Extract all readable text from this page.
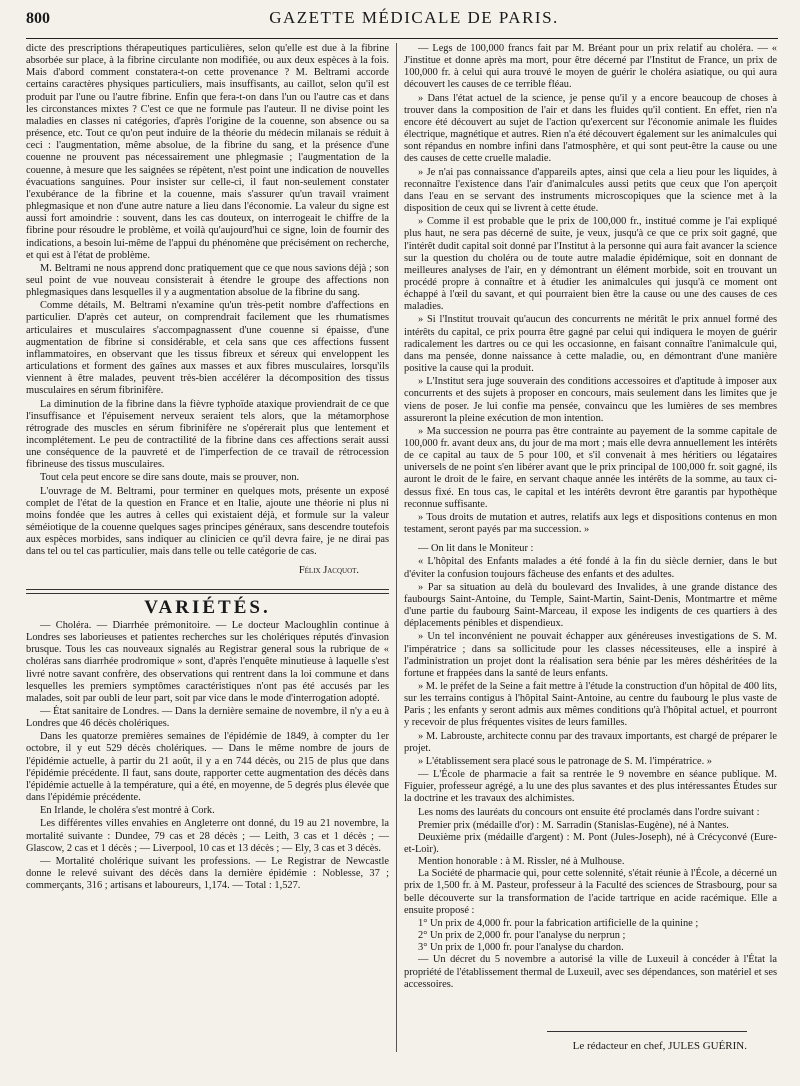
800	GAZETTE MÉDICALE DE PARIS.

dicte des prescriptions thérapeutiques particulières, selon qu'elle est due à la fibrine absorbée sur place, à la fibrine circulante non modifiée, ou aux deux espèces à la fois. Mais d'abord comment constatera-t-on cette provenance ? M. Beltrami accorde certains caractères physiques particuliers, mais insuffisants, au caillot, selon qu'il est produit par l'une ou l'autre fibrine. Enfin que fera-t-on dans l'un ou l'autre cas et dans les circonstances mixtes ? C'est ce que ne formule pas l'auteur. Il ne divise point les maladies en classes ni catégories, d'après l'origine de la couenne, son absence ou sa présence, etc. Tout ce qu'on peut induire de la théorie du médecin milanais se réduit à ceci : l'augmentation, même absolue, de la fibrine du sang, et la présence d'une couenne ne prouvent pas nécessairement une phlegmasie ; l'augmentation de la couenne, à mesure que les saignées se répètent, n'est point une indication de nouvelles évacuations sanguines. Pour insister sur celle-ci, il faut non-seulement constater l'exubérance de la fibrine et la couenne, mais s'assurer qu'un travail vraiment phlegmasique et non d'une autre nature a lieu dans l'économie. La valeur du signe est aussi fort amoindrie : souvent, dans les cas douteux, on interrogeait le chiffre de la fibrine pour résoudre le problème, et voilà qu'aujourd'hui ce signe, loin de fournir des indications, a besoin lui-même de l'appui du phénomène que précisément on recherche, et qui est à l'état de problème.

M. Beltrami ne nous apprend donc pratiquement que ce que nous savions déjà ; son seul point de vue nouveau consisterait à étendre le groupe des affections non phlegmasiques dans lesquelles il y a augmentation absolue de la fibrine du sang.

Comme détails, M. Beltrami n'examine qu'un très-petit nombre d'affections en particulier. D'après cet auteur, on comprendrait facilement que les rhumatismes articulaires et musculaires s'accompagnassent d'une couenne si épaisse, d'une augmentation de fibrine si considérable, et cela sans que ces affections fussent inflammatoires, en observant que les tissus fibreux et séreux qui enveloppent les articulations et forment des gaînes aux masses et aux fibres musculaires, lorsqu'ils viennent à être malades, peuvent très-bien accélérer la décomposition des tissus musculaires en sérum fibrinifère.

La diminution de la fibrine dans la fièvre typhoïde ataxique proviendrait de ce que l'insuffisance et l'épuisement nerveux seraient tels alors, que la métamorphose rétrograde des muscles en sérum fibrinifère ne s'opérerait plus que lentement et incomplétement. Le peu de contractilité de la fibrine dans ces affections serait aussi une conséquence de la pauvreté et de l'imperfection de ce travail de rétrocession fibrineuse des tissus musculaires.

Tout cela peut encore se dire sans doute, mais se prouver, non.

L'ouvrage de M. Beltrami, pour terminer en quelques mots, présente un exposé complet de l'état de la question en France et en Italie, ajoute une théorie ni plus ni moins fondée que les autres à celles qui existaient déjà, et formule sur la valeur séméiotique de la couenne quelques sages principes généraux, sans descendre toutefois aux espèces morbides, sans indiquer au clinicien ce qu'il devra faire, je ne dirai pas dans tel ou tel cas particulier, mais dans telle ou telle catégorie de cas.

Félix Jacquot.
VARIÉTÉS.

— Choléra. — Diarrhée prémonitoire. — Le docteur Macloughlin continue à Londres ses laborieuses et patientes recherches sur les cholériques réputés d'invasion brusque. Tous les cas nouveaux signalés au Registrar general sous la rubrique de « choléras sans diarrhée prodromique » sont, d'après l'enquête minutieuse à laquelle s'est livré notre savant confrère, des observations qui rentrent dans la loi commune et dans lesquelles les premiers symptômes caractéristiques n'ont pas été accusés par les malades, soit par oubli de leur part, soit par vice dans le mode d'interrogation adopté.

— État sanitaire de Londres. — Dans la dernière semaine de novembre, il n'y a eu à Londres que 46 décès cholériques.

Dans les quatorze premières semaines de l'épidémie de 1849, à compter du 1er octobre, il y eut 529 décès cholériques. — Dans le même nombre de jours de l'épidémie actuelle, à partir du 21 août, il y a en 744 décès, ou 215 de plus que dans l'épidémie précédente. Il faut, sans doute, rapporter cette augmentation des décès dans l'épidémie actuelle à la température, qui a été, en moyenne, de 5 degrés plus élevée que dans l'épidémie précédente.

En Irlande, le choléra s'est montré à Cork.

Les différentes villes envahies en Angleterre ont donné, du 19 au 21 novembre, la mortalité suivante : Dundee, 79 cas et 28 décès ; — Leith, 3 cas et 1 décès ; — Glascow, 2 cas et 1 décès ; — Liverpool, 10 cas et 13 décès ; — Ely, 3 cas et 3 décès.

— Mortalité cholérique suivant les professions. — Le Registrar de Newcastle donne le relevé suivant des décès dans la dernière épidémie : Noblesse, 37 ; commerçants, 316 ; artisans et laboureurs, 1,174. — Total : 1,527.

— Legs de 100,000 francs fait par M. Bréant pour un prix relatif au choléra. — « J'institue et donne après ma mort, pour être décerné par l'Institut de France, un prix de 100,000 fr. à celui qui aura trouvé le moyen de guérir le choléra asiatique, ou qui aura découvert les causes de ce terrible fléau.

» Dans l'état actuel de la science, je pense qu'il y a encore beaucoup de choses à trouver dans la composition de l'air et dans les fluides qu'il contient. En effet, rien n'a encore été découvert au sujet de l'action qu'exercent sur l'économie animale les fluides électrique, magnétique et autres. Rien n'a été découvert également sur les animalcules qui sont répandus en nombre infini dans l'atmosphère, et qui sont peut-être la cause ou une des causes de cette cruelle maladie.

» Je n'ai pas connaissance d'appareils aptes, ainsi que cela a lieu pour les liquides, à reconnaître l'existence dans l'air d'animalcules aussi petits que ceux que l'on aperçoit dans l'eau en se servant des instruments microscopiques que la science met à la disposition de ceux qui se livrent à cette étude.

» Comme il est probable que le prix de 100,000 fr., institué comme je l'ai expliqué plus haut, ne sera pas décerné de suite, je veux, jusqu'à ce que ce prix soit gagné, que l'intérêt dudit capital soit donné par l'Institut à la personne qui aura fait avancer la science sur la question du choléra ou de toute autre maladie épidémique, soit en donnant de meilleures analyses de l'air, en y démontrant un élément morbide, soit en trouvant un procédé propre à connaître et à étudier les animalcules qui jusqu'à ce moment ont échappé à l'œil du savant, et qui pourraient bien être la cause ou une des causes de ces maladies.

» Si l'Institut trouvait qu'aucun des concurrents ne méritât le prix annuel formé des intérêts du capital, ce prix pourra être gagné par celui qui indiquera le moyen de guérir radicalement les dartres ou ce qui les occasionne, en faisant connaître l'animalcule qui, dans ma pensée, donne naissance à cette maladie, ou, en démontrant d'une manière positive la cause qui la produit.

» L'Institut sera juge souverain des conditions accessoires et d'aptitude à imposer aux concurrents et des sujets à proposer en concours, mais seulement dans les limites que je viens de poser. Je lui confie ma pensée, convaincu que les lumières de ses membres assureront la pleine exécution de mon intention.

» Ma succession ne pourra pas être contrainte au payement de la somme capitale de 100,000 fr. avant deux ans, du jour de ma mort ; mais elle devra annuellement les intérêts de ce capital au taux de 5 pour 100, et s'il convenait à mes héritiers ou légataires universels de ne point s'en libérer avant que le prix principal de 100,000 fr. soit gagné, ils auront le droit de le faire, en servant chaque année les intérêts de la somme, au taux ci-dessus fixé. En tous cas, le capital et les intérêts devront être garantis par hypothèque reconnue suffisante.

» Tous droits de mutation et autres, relatifs aux legs et dispositions contenus en mon testament, seront payés par ma succession. »

— On lit dans le Moniteur :

« L'hôpital des Enfants malades a été fondé à la fin du siècle dernier, dans le but d'éviter la confusion toujours fâcheuse des enfants et des adultes.

» Par sa situation au delà du boulevard des Invalides, à une grande distance des faubourgs Saint-Antoine, du Temple, Saint-Martin, Saint-Denis, Montmartre et même d'une partie du faubourg Saint-Marceau, il expose les indigents de ces quartiers à des déplacements pénibles et dispendieux.

» Un tel inconvénient ne pouvait échapper aux généreuses investigations de S. M. l'impératrice ; dans sa sollicitude pour les classes nécessiteuses, elle a inspiré à l'administration un projet dont la réalisation sera bénie par les mères déshéritées de la fortune et frappées dans la santé de leurs enfants.

» M. le préfet de la Seine a fait mettre à l'étude la construction d'un hôpital de 400 lits, sur les terrains contigus à l'hôpital Saint-Antoine, au centre du faubourg le plus vaste de Paris ; les enfants y seront admis aux mêmes conditions qu'à l'hôpital actuel, et pourront y recevoir de plus fréquentes visites de leurs familles.

» M. Labrouste, architecte connu par des travaux importants, est chargé de préparer le projet.

» L'établissement sera placé sous le patronage de S. M. l'impératrice. »

— L'École de pharmacie a fait sa rentrée le 9 novembre en séance publique. M. Figuier, professeur agrégé, a lu une des plus savantes et des plus intéressantes Études sur la doctrine et les travaux des alchimistes.

Les noms des lauréats du concours ont ensuite été proclamés dans l'ordre suivant :

Premier prix (médaille d'or) : M. Sarradin (Stanislas-Eugène), né à Nantes.

Deuxième prix (médaille d'argent) : M. Pont (Jules-Joseph), né à Crécyconvé (Eure-et-Loir).

Mention honorable : à M. Rissler, né à Mulhouse.

La Société de pharmacie qui, pour cette solennité, s'était réunie à l'École, a décerné un prix de 1,500 fr. à M. Pasteur, professeur à la Faculté des sciences de Strasbourg, pour sa belle découverte sur la transformation de l'acide tartrique en acide racémique. Elle a ensuite proposé :

1° Un prix de 4,000 fr. pour la fabrication artificielle de la quinine ;

2° Un prix de 2,000 fr. pour l'analyse du nerprun ;

3° Un prix de 1,000 fr. pour l'analyse du chardon.

— Un décret du 5 novembre a autorisé la ville de Luxeuil à concéder à l'État la propriété de l'établissement thermal de Luxeuil, avec ses dépendances, son matériel et ses accessoires.

Le rédacteur en chef, JULES GUÉRIN.
